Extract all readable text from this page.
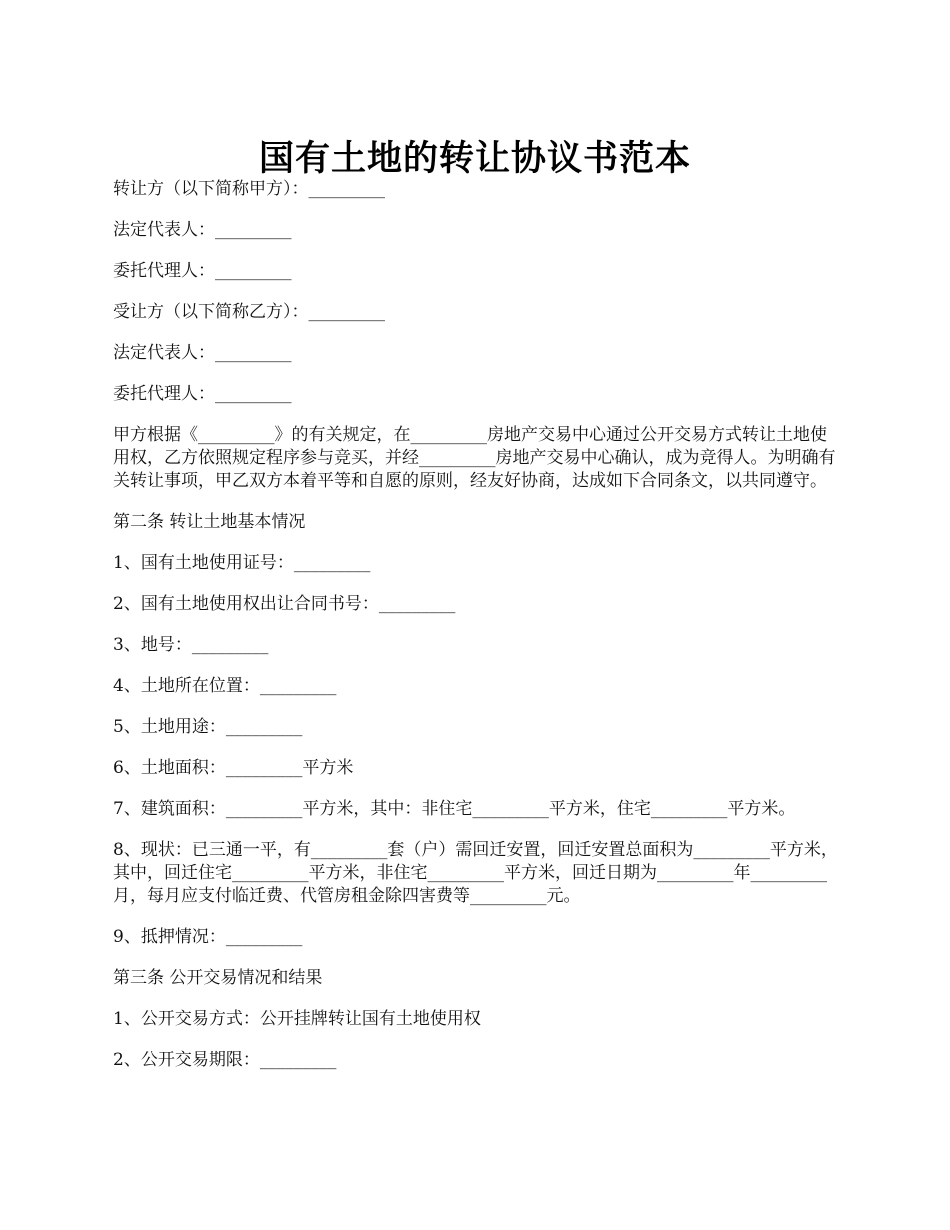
国有土地的转让协议书范本

转让方（以下简称甲方）：_________

法定代表人：_________

委托代理人：_________

受让方（以下简称乙方）：_________

法定代表人：_________

委托代理人：_________

甲方根据《_________》的有关规定，在_________房地产交易中心通过公开交易方式转让土地使用权，乙方依照规定程序参与竞买，并经_________房地产交易中心确认，成为竞得人。为明确有关转让事项，甲乙双方本着平等和自愿的原则，经友好协商，达成如下合同条文，以共同遵守。

第二条 转让土地基本情况

1、国有土地使用证号：_________

2、国有土地使用权出让合同书号：_________

3、地号：_________

4、土地所在位置：_________

5、土地用途：_________

6、土地面积：_________平方米

7、建筑面积：_________平方米，其中：非住宅_________平方米，住宅_________平方米。

8、现状：已三通一平，有_________套（户）需回迁安置，回迁安置总面积为_________平方米，其中，回迁住宅_________平方米，非住宅_________平方米，回迁日期为_________年_________月，每月应支付临迁费、代管房租金除四害费等_________元。

9、抵押情况：_________

第三条 公开交易情况和结果

1、公开交易方式：公开挂牌转让国有土地使用权

2、公开交易期限：_________
